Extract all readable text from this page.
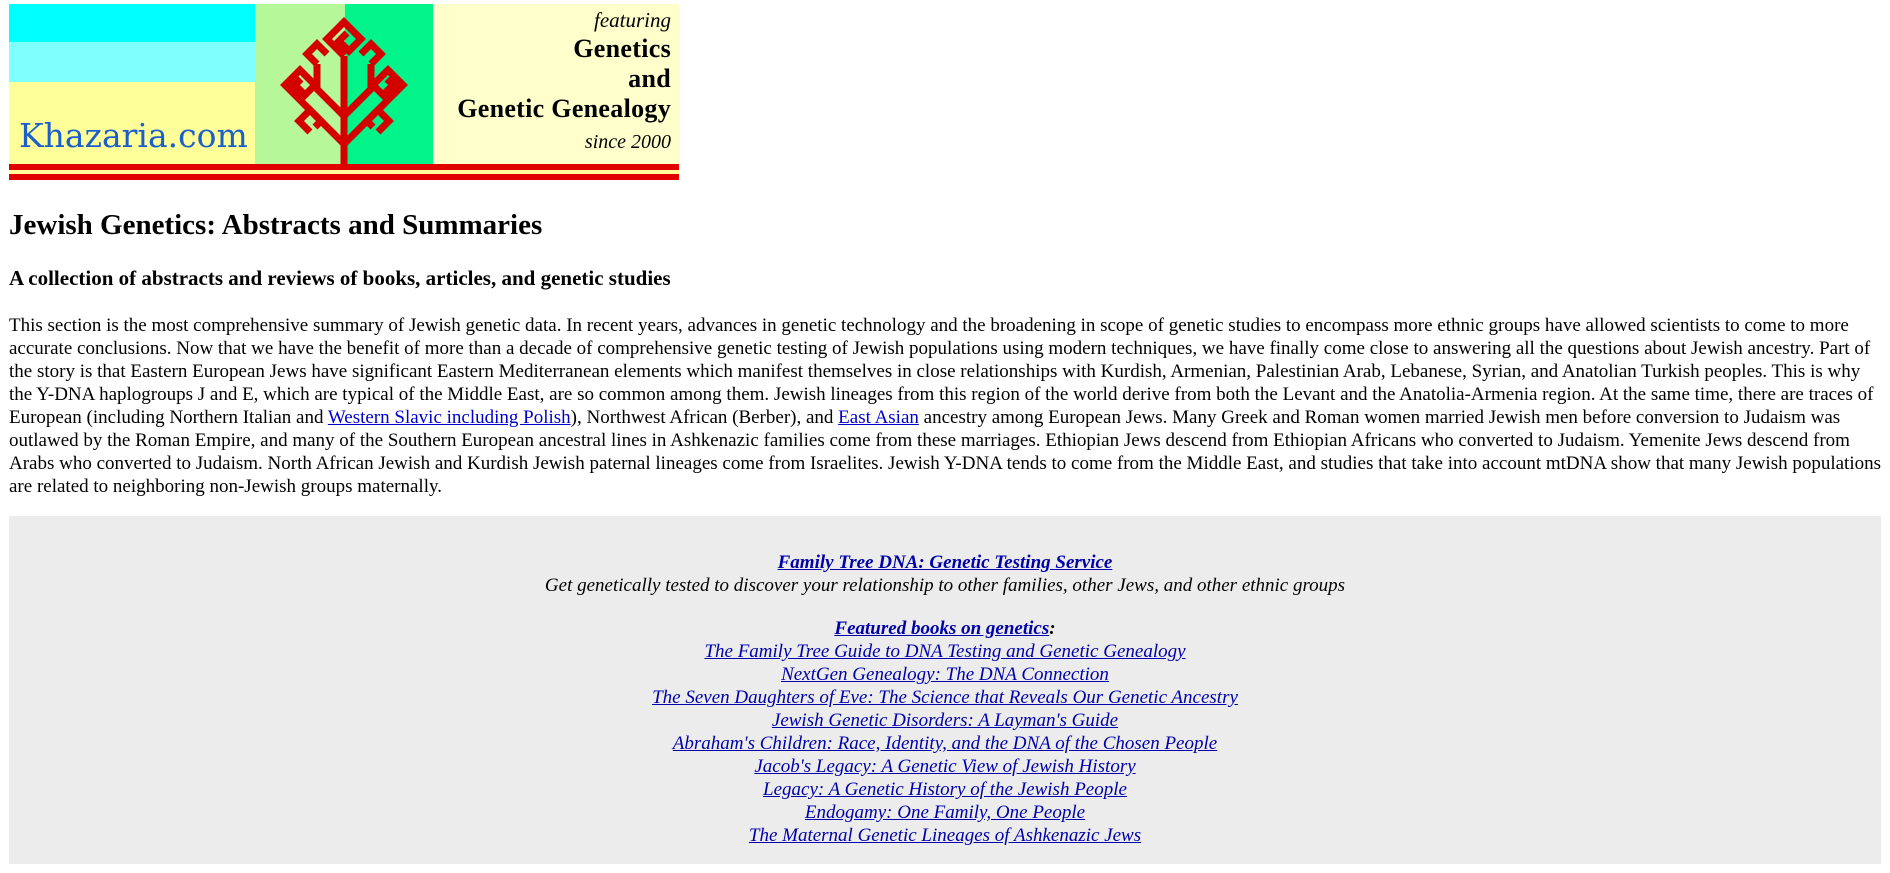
Khazaria.com
featuring
Genetics
and
Genetic Genealogy
since 2000
Jewish Genetics: Abstracts and Summaries
A collection of abstracts and reviews of books, articles, and genetic studies

This section is the most comprehensive summary of Jewish genetic data. In recent years, advances in genetic technology and the broadening in scope of genetic studies to encompass more ethnic groups have allowed scientists to come to more accurate conclusions. Now that we have the benefit of more than a decade of comprehensive genetic testing of Jewish populations using modern techniques, we have finally come close to answering all the questions about Jewish ancestry. Part of the story is that Eastern European Jews have significant Eastern Mediterranean elements which manifest themselves in close relationships with Kurdish, Armenian, Palestinian Arab, Lebanese, Syrian, and Anatolian Turkish peoples. This is why the Y-DNA haplogroups J and E, which are typical of the Middle East, are so common among them. Jewish lineages from this region of the world derive from both the Levant and the Anatolia-Armenia region. At the same time, there are traces of European (including Northern Italian and Western Slavic including Polish), Northwest African (Berber), and East Asian ancestry among European Jews. Many Greek and Roman women married Jewish men before conversion to Judaism was outlawed by the Roman Empire, and many of the Southern European ancestral lines in Ashkenazic families come from these marriages. Ethiopian Jews descend from Ethiopian Africans who converted to Judaism. Yemenite Jews descend from Arabs who converted to Judaism. North African Jewish and Kurdish Jewish paternal lineages come from Israelites. Jewish Y-DNA tends to come from the Middle East, and studies that take into account mtDNA show that many Jewish populations are related to neighboring non-Jewish groups maternally.

Family Tree DNA: Genetic Testing Service
Get genetically tested to discover your relationship to other families, other Jews, and other ethnic groups
Featured books on genetics:
The Family Tree Guide to DNA Testing and Genetic Genealogy
NextGen Genealogy: The DNA Connection
The Seven Daughters of Eve: The Science that Reveals Our Genetic Ancestry
Jewish Genetic Disorders: A Layman's Guide
Abraham's Children: Race, Identity, and the DNA of the Chosen People
Jacob's Legacy: A Genetic View of Jewish History
Legacy: A Genetic History of the Jewish People
Endogamy: One Family, One People
The Maternal Genetic Lineages of Ashkenazic Jews
